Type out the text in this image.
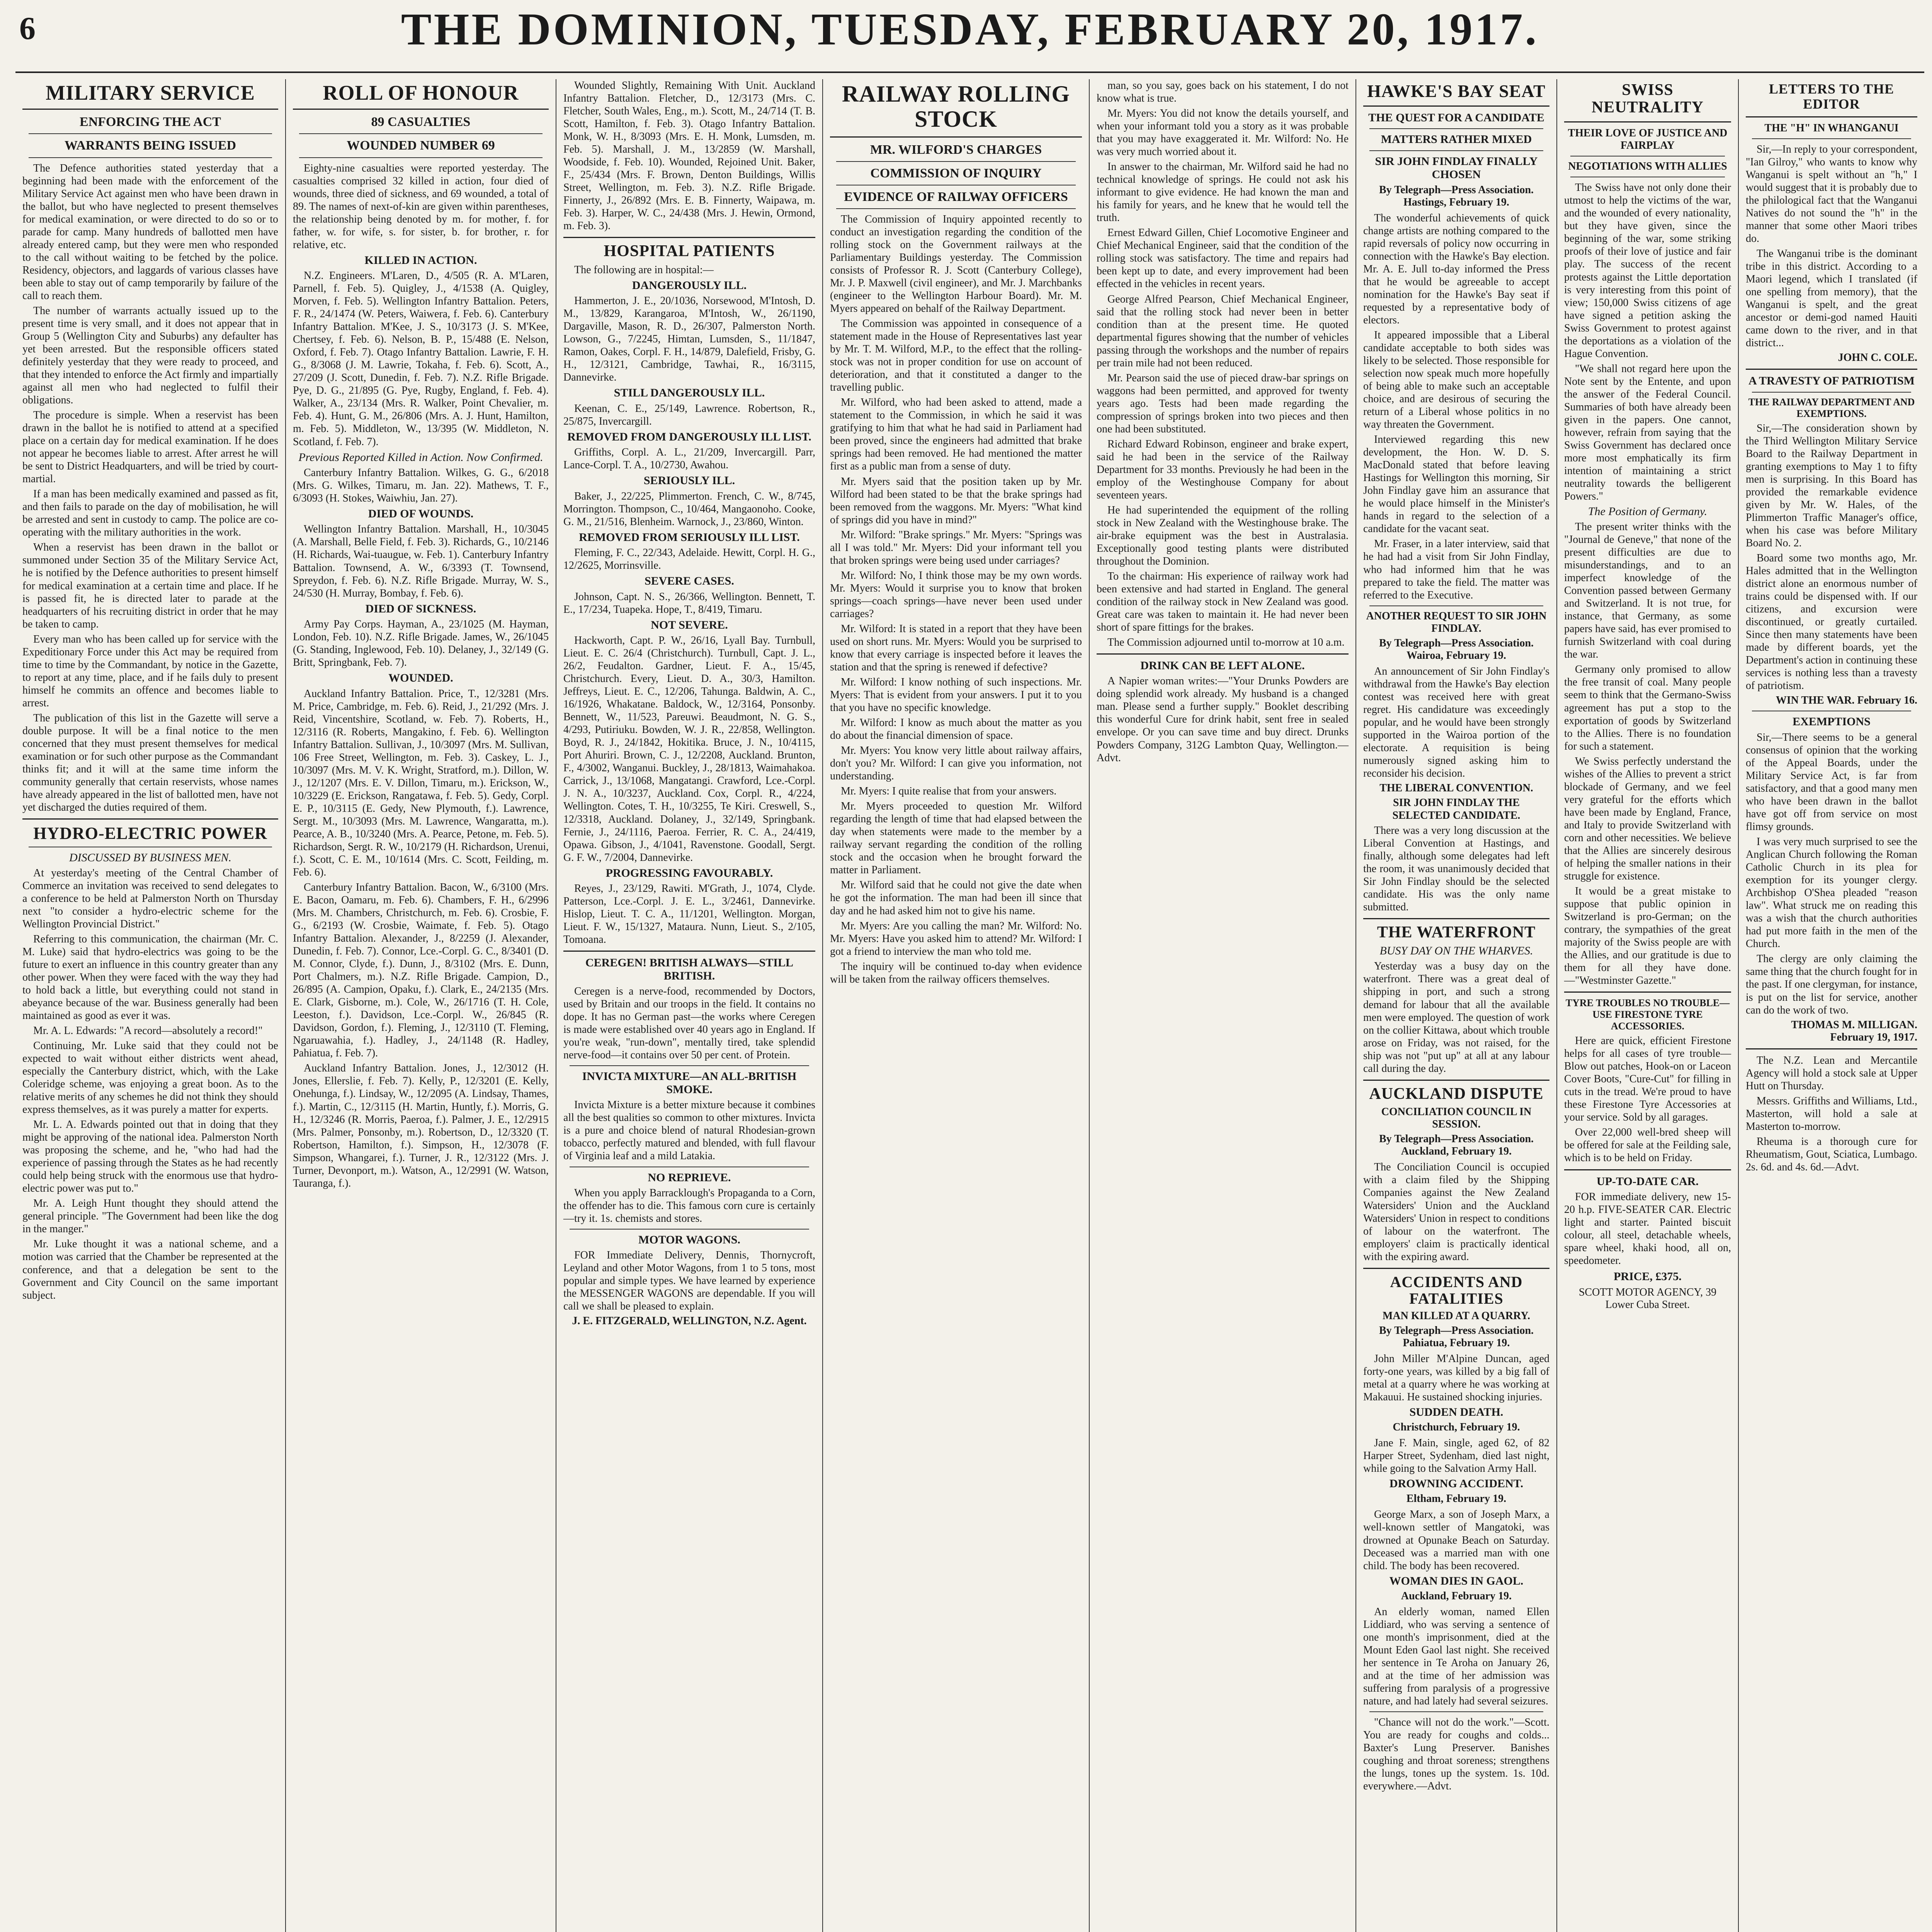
6	THE DOMINION, TUESDAY, FEBRUARY 20, 1917.
MILITARY SERVICE
ENFORCING THE ACT
WARRANTS BEING ISSUED

The Defence authorities stated yesterday that a beginning had been made with the enforcement of the Military Service Act against men who have been drawn in the ballot, but who have neglected to present themselves for medical examination, or were directed to do so or to parade for camp. Many hundreds of ballotted men have already entered camp, but they were men who responded to the call without waiting to be fetched by the police. Residency, objectors, and laggards of various classes have been able to stay out of camp temporarily by failure of the call to reach them.

The number of warrants actually issued up to the present time is very small, and it does not appear that in Group 5 (Wellington City and Suburbs) any defaulter has yet been arrested. But the responsible officers stated definitely yesterday that they were ready to proceed, and that they intended to enforce the Act firmly and impartially against all men who had neglected to fulfil their obligations.

The procedure is simple. When a reservist has been drawn in the ballot he is notified to attend at a specified place on a certain day for medical examination. If he does not appear he becomes liable to arrest. After arrest he will be sent to District Headquarters, and will be tried by court-martial.

If a man has been medically examined and passed as fit, and then fails to parade on the day of mobilisation, he will be arrested and sent in custody to camp. The police are co-operating with the military authorities in the work.

When a reservist has been drawn in the ballot or summoned under Section 35 of the Military Service Act, he is notified by the Defence authorities to present himself for medical examination at a certain time and place. If he is passed fit, he is directed later to parade at the headquarters of his recruiting district in order that he may be taken to camp.

Every man who has been called up for service with the Expeditionary Force under this Act may be required from time to time by the Commandant, by notice in the Gazette, to report at any time, place, and if he fails duly to present himself he commits an offence and becomes liable to arrest.

The publication of this list in the Gazette will serve a double purpose. It will be a final notice to the men concerned that they must present themselves for medical examination or for such other purpose as the Commandant thinks fit; and it will at the same time inform the community generally that certain reservists, whose names have already appeared in the list of ballotted men, have not yet discharged the duties required of them.

HYDRO-ELECTRIC POWER
DISCUSSED BY BUSINESS MEN.

At yesterday's meeting of the Central Chamber of Commerce an invitation was received to send delegates to a conference to be held at Palmerston North on Thursday next "to consider a hydro-electric scheme for the Wellington Provincial District."

Referring to this communication, the chairman (Mr. C. M. Luke) said that hydro-electrics was going to be the future to exert an influence in this country greater than any other power. When they were faced with the way they had to hold back a little, but everything could not stand in abeyance because of the war. Business generally had been maintained as good as ever it was.

Mr. A. L. Edwards: "A record—absolutely a record!"

Continuing, Mr. Luke said that they could not be expected to wait without either districts went ahead, especially the Canterbury district, which, with the Lake Coleridge scheme, was enjoying a great boon. As to the relative merits of any schemes he did not think they should express themselves, as it was purely a matter for experts.

Mr. L. A. Edwards pointed out that in doing that they might be approving of the national idea. Palmerston North was proposing the scheme, and he, "who had had the experience of passing through the States as he had recently could help being struck with the enormous use that hydro-electric power was put to."

Mr. A. Leigh Hunt thought they should attend the general principle. "The Government had been like the dog in the manger."

Mr. Luke thought it was a national scheme, and a motion was carried that the Chamber be represented at the conference, and that a delegation be sent to the Government and City Council on the same important subject.

ROLL OF HONOUR
89 CASUALTIES
WOUNDED NUMBER 69

Eighty-nine casualties were reported yesterday. The casualties comprised 32 killed in action, four died of wounds, three died of sickness, and 69 wounded, a total of 89. The names of next-of-kin are given within parentheses, the relationship being denoted by m. for mother, f. for father, w. for wife, s. for sister, b. for brother, r. for relative, etc.

KILLED IN ACTION.

N.Z. Engineers. M'Laren, D., 4/505 (R. A. M'Laren, Parnell, f. Feb. 5). Quigley, J., 4/1538 (A. Quigley, Morven, f. Feb. 5). Wellington Infantry Battalion. Peters, F. R., 24/1474 (W. Peters, Waiwera, f. Feb. 6). Canterbury Infantry Battalion. M'Kee, J. S., 10/3173 (J. S. M'Kee, Chertsey, f. Feb. 6). Nelson, B. P., 15/488 (E. Nelson, Oxford, f. Feb. 7). Otago Infantry Battalion. Lawrie, F. H. G., 8/3068 (J. M. Lawrie, Tokaha, f. Feb. 6). Scott, A., 27/209 (J. Scott, Dunedin, f. Feb. 7). N.Z. Rifle Brigade. Pye, D. G., 21/895 (G. Pye, Rugby, England, f. Feb. 4). Walker, A., 23/134 (Mrs. R. Walker, Point Chevalier, m. Feb. 4). Hunt, G. M., 26/806 (Mrs. A. J. Hunt, Hamilton, m. Feb. 5). Middleton, W., 13/395 (W. Middleton, N. Scotland, f. Feb. 7).

Previous Reported Killed in Action. Now Confirmed.

Canterbury Infantry Battalion. Wilkes, G. G., 6/2018 (Mrs. G. Wilkes, Timaru, m. Jan. 22). Mathews, T. F., 6/3093 (H. Stokes, Waiwhiu, Jan. 27).

DIED OF WOUNDS.

Wellington Infantry Battalion. Marshall, H., 10/3045 (A. Marshall, Belle Field, f. Feb. 3). Richards, G., 10/2146 (H. Richards, Wai-tuaugue, w. Feb. 1). Canterbury Infantry Battalion. Townsend, A. W., 6/3393 (T. Townsend, Spreydon, f. Feb. 6). N.Z. Rifle Brigade. Murray, W. S., 24/530 (H. Murray, Bombay, f. Feb. 6).

DIED OF SICKNESS.

Army Pay Corps. Hayman, A., 23/1025 (M. Hayman, London, Feb. 10). N.Z. Rifle Brigade. James, W., 26/1045 (G. Standing, Inglewood, Feb. 10). Delaney, J., 32/149 (G. Britt, Springbank, Feb. 7).

WOUNDED.

Auckland Infantry Battalion. Price, T., 12/3281 (Mrs. M. Price, Cambridge, m. Feb. 6). Reid, J., 21/292 (Mrs. J. Reid, Vincentshire, Scotland, w. Feb. 7). Roberts, H., 12/3116 (R. Roberts, Mangakino, f. Feb. 6). Wellington Infantry Battalion. Sullivan, J., 10/3097 (Mrs. M. Sullivan, 106 Free Street, Wellington, m. Feb. 3). Caskey, L. J., 10/3097 (Mrs. M. V. K. Wright, Stratford, m.). Dillon, W. J., 12/1207 (Mrs. E. V. Dillon, Timaru, m.). Erickson, W., 10/3229 (E. Erickson, Rangatawa, f. Feb. 5). Gedy, Corpl. E. P., 10/3115 (E. Gedy, New Plymouth, f.). Lawrence, Sergt. M., 10/3093 (Mrs. M. Lawrence, Wangaratta, m.). Pearce, A. B., 10/3240 (Mrs. A. Pearce, Petone, m. Feb. 5). Richardson, Sergt. R. W., 10/2179 (H. Richardson, Urenui, f.). Scott, C. E. M., 10/1614 (Mrs. C. Scott, Feilding, m. Feb. 6).

Canterbury Infantry Battalion. Bacon, W., 6/3100 (Mrs. E. Bacon, Oamaru, m. Feb. 6). Chambers, F. H., 6/2996 (Mrs. M. Chambers, Christchurch, m. Feb. 6). Crosbie, F. G., 6/2193 (W. Crosbie, Waimate, f. Feb. 5). Otago Infantry Battalion. Alexander, J., 8/2259 (J. Alexander, Dunedin, f. Feb. 7). Connor, Lce.-Corpl. G. C., 8/3401 (D. M. Connor, Clyde, f.). Dunn, J., 8/3102 (Mrs. E. Dunn, Port Chalmers, m.). N.Z. Rifle Brigade. Campion, D., 26/895 (A. Campion, Opaku, f.). Clark, E., 24/2135 (Mrs. E. Clark, Gisborne, m.). Cole, W., 26/1716 (T. H. Cole, Leeston, f.). Davidson, Lce.-Corpl. W., 26/845 (R. Davidson, Gordon, f.). Fleming, J., 12/3110 (T. Fleming, Ngaruawahia, f.). Hadley, J., 24/1148 (R. Hadley, Pahiatua, f. Feb. 7).

Auckland Infantry Battalion. Jones, J., 12/3012 (H. Jones, Ellerslie, f. Feb. 7). Kelly, P., 12/3201 (E. Kelly, Onehunga, f.). Lindsay, W., 12/2095 (A. Lindsay, Thames, f.). Martin, C., 12/3115 (H. Martin, Huntly, f.). Morris, G. H., 12/3246 (R. Morris, Paeroa, f.). Palmer, J. E., 12/2915 (Mrs. Palmer, Ponsonby, m.). Robertson, D., 12/3320 (T. Robertson, Hamilton, f.). Simpson, H., 12/3078 (F. Simpson, Whangarei, f.). Turner, J. R., 12/3122 (Mrs. J. Turner, Devonport, m.). Watson, A., 12/2991 (W. Watson, Tauranga, f.).

Wounded Slightly, Remaining With Unit. Auckland Infantry Battalion. Fletcher, D., 12/3173 (Mrs. C. Fletcher, South Wales, Eng., m.). Scott, M., 24/714 (T. B. Scott, Hamilton, f. Feb. 3). Otago Infantry Battalion. Monk, W. H., 8/3093 (Mrs. E. H. Monk, Lumsden, m. Feb. 5). Marshall, J. M., 13/2859 (W. Marshall, Woodside, f. Feb. 10). Wounded, Rejoined Unit. Baker, F., 25/434 (Mrs. F. Brown, Denton Buildings, Willis Street, Wellington, m. Feb. 3). N.Z. Rifle Brigade. Finnerty, J., 26/892 (Mrs. E. B. Finnerty, Waipawa, m. Feb. 3). Harper, W. C., 24/438 (Mrs. J. Hewin, Ormond, m. Feb. 3).

HOSPITAL PATIENTS

The following are in hospital:—

DANGEROUSLY ILL.

Hammerton, J. E., 20/1036, Norsewood, M'Intosh, D. M., 13/829, Karangaroa, M'Intosh, W., 26/1190, Dargaville, Mason, R. D., 26/307, Palmerston North. Lowson, G., 7/2245, Himtan, Lumsden, S., 11/1847, Ramon, Oakes, Corpl. F. H., 14/879, Dalefield, Frisby, G. H., 12/3121, Cambridge, Tawhai, R., 16/3115, Dannevirke.

STILL DANGEROUSLY ILL.

Keenan, C. E., 25/149, Lawrence. Robertson, R., 25/875, Invercargill.

REMOVED FROM DANGEROUSLY ILL LIST.

Griffiths, Corpl. A. L., 21/209, Invercargill. Parr, Lance-Corpl. T. A., 10/2730, Awahou.

SERIOUSLY ILL.

Baker, J., 22/225, Plimmerton. French, C. W., 8/745, Morrington. Thompson, C., 10/464, Mangaonoho. Cooke, G. M., 21/516, Blenheim. Warnock, J., 23/860, Winton.

REMOVED FROM SERIOUSLY ILL LIST.

Fleming, F. C., 22/343, Adelaide. Hewitt, Corpl. H. G., 12/2625, Morrinsville.

SEVERE CASES.

Johnson, Capt. N. S., 26/366, Wellington. Bennett, T. E., 17/234, Tuapeka. Hope, T., 8/419, Timaru.

NOT SEVERE.

Hackworth, Capt. P. W., 26/16, Lyall Bay. Turnbull, Lieut. E. C. 26/4 (Christchurch). Turnbull, Capt. J. L., 26/2, Feudalton. Gardner, Lieut. F. A., 15/45, Christchurch. Every, Lieut. D. A., 30/3, Hamilton. Jeffreys, Lieut. E. C., 12/206, Tahunga. Baldwin, A. C., 16/1926, Whakatane. Baldock, W., 12/3164, Ponsonby. Bennett, W., 11/523, Pareuwi. Beaudmont, N. G. S., 4/293, Putiriuku. Bowden, W. J. R., 22/858, Wellington. Boyd, R. J., 24/1842, Hokitika. Bruce, J. N., 10/4115, Port Ahuriri. Brown, C. J., 12/2208, Auckland. Brunton, F., 4/3002, Wanganui. Buckley, J., 28/1813, Waimahakoa. Carrick, J., 13/1068, Mangatangi. Crawford, Lce.-Corpl. J. N. A., 10/3237, Auckland. Cox, Corpl. R., 4/224, Wellington. Cotes, T. H., 10/3255, Te Kiri. Creswell, S., 12/3318, Auckland. Dolaney, J., 32/149, Springbank. Fernie, J., 24/1116, Paeroa. Ferrier, R. C. A., 24/419, Opawa. Gibson, J., 4/1041, Ravenstone. Goodall, Sergt. G. F. W., 7/2004, Dannevirke.

PROGRESSING FAVOURABLY.

Reyes, J., 23/129, Rawiti. M'Grath, J., 1074, Clyde. Patterson, Lce.-Corpl. J. E. L., 3/2461, Dannevirke. Hislop, Lieut. T. C. A., 11/1201, Wellington. Morgan, Lieut. F. W., 15/1327, Mataura. Nunn, Lieut. S., 2/105, Tomoana.

CEREGEN! BRITISH ALWAYS—STILL BRITISH.

Ceregen is a nerve-food, recommended by Doctors, used by Britain and our troops in the field. It contains no dope. It has no German past—the works where Ceregen is made were established over 40 years ago in England. If you're weak, "run-down", mentally tired, take splendid nerve-food—it contains over 50 per cent. of Protein.

INVICTA MIXTURE—AN ALL-BRITISH SMOKE.

Invicta Mixture is a better mixture because it combines all the best qualities so common to other mixtures. Invicta is a pure and choice blend of natural Rhodesian-grown tobacco, perfectly matured and blended, with full flavour of Virginia leaf and a mild Latakia.

NO REPRIEVE.

When you apply Barracklough's Propaganda to a Corn, the offender has to die. This famous corn cure is certainly—try it. 1s. chemists and stores.

MOTOR WAGONS.

FOR Immediate Delivery, Dennis, Thornycroft, Leyland and other Motor Wagons, from 1 to 5 tons, most popular and simple types. We have learned by experience the MESSENGER WAGONS are dependable. If you will call we shall be pleased to explain.

J. E. FITZGERALD, WELLINGTON, N.Z. Agent.
RAILWAY ROLLING STOCK
MR. WILFORD'S CHARGES
COMMISSION OF INQUIRY
EVIDENCE OF RAILWAY OFFICERS

The Commission of Inquiry appointed recently to conduct an investigation regarding the condition of the rolling stock on the Government railways at the Parliamentary Buildings yesterday. The Commission consists of Professor R. J. Scott (Canterbury College), Mr. J. P. Maxwell (civil engineer), and Mr. J. Marchbanks (engineer to the Wellington Harbour Board). Mr. M. Myers appeared on behalf of the Railway Department.

The Commission was appointed in consequence of a statement made in the House of Representatives last year by Mr. T. M. Wilford, M.P., to the effect that the rolling-stock was not in proper condition for use on account of deterioration, and that it constituted a danger to the travelling public.

Mr. Wilford, who had been asked to attend, made a statement to the Commission, in which he said it was gratifying to him that what he had said in Parliament had been proved, since the engineers had admitted that brake springs had been removed. He had mentioned the matter first as a public man from a sense of duty.

Mr. Myers said that the position taken up by Mr. Wilford had been stated to be that the brake springs had been removed from the waggons. Mr. Myers: "What kind of springs did you have in mind?"

Mr. Wilford: "Brake springs." Mr. Myers: "Springs was all I was told." Mr. Myers: Did your informant tell you that broken springs were being used under carriages?

Mr. Wilford: No, I think those may be my own words. Mr. Myers: Would it surprise you to know that broken springs—coach springs—have never been used under carriages?

Mr. Wilford: It is stated in a report that they have been used on short runs. Mr. Myers: Would you be surprised to know that every carriage is inspected before it leaves the station and that the spring is renewed if defective?

Mr. Wilford: I know nothing of such inspections. Mr. Myers: That is evident from your answers. I put it to you that you have no specific knowledge.

Mr. Wilford: I know as much about the matter as you do about the financial dimension of space.

Mr. Myers: You know very little about railway affairs, don't you? Mr. Wilford: I can give you information, not understanding.

Mr. Myers: I quite realise that from your answers.

Mr. Myers proceeded to question Mr. Wilford regarding the length of time that had elapsed between the day when statements were made to the member by a railway servant regarding the condition of the rolling stock and the occasion when he brought forward the matter in Parliament.

Mr. Wilford said that he could not give the date when he got the information. The man had been ill since that day and he had asked him not to give his name.

Mr. Myers: Are you calling the man? Mr. Wilford: No. Mr. Myers: Have you asked him to attend? Mr. Wilford: I got a friend to interview the man who told me.

The inquiry will be continued to-day when evidence will be taken from the railway officers themselves.

man, so you say, goes back on his statement, I do not know what is true.

Mr. Myers: You did not know the details yourself, and when your informant told you a story as it was probable that you may have exaggerated it. Mr. Wilford: No. He was very much worried about it.

In answer to the chairman, Mr. Wilford said he had no technical knowledge of springs. He could not ask his informant to give evidence. He had known the man and his family for years, and he knew that he would tell the truth.

Ernest Edward Gillen, Chief Locomotive Engineer and Chief Mechanical Engineer, said that the condition of the rolling stock was satisfactory. The time and repairs had been kept up to date, and every improvement had been effected in the vehicles in recent years.

George Alfred Pearson, Chief Mechanical Engineer, said that the rolling stock had never been in better condition than at the present time. He quoted departmental figures showing that the number of vehicles passing through the workshops and the number of repairs per train mile had not been reduced.

Mr. Pearson said the use of pieced draw-bar springs on waggons had been permitted, and approved for twenty years ago. Tests had been made regarding the compression of springs broken into two pieces and then one had been substituted.

Richard Edward Robinson, engineer and brake expert, said he had been in the service of the Railway Department for 33 months. Previously he had been in the employ of the Westinghouse Company for about seventeen years.

He had superintended the equipment of the rolling stock in New Zealand with the Westinghouse brake. The air-brake equipment was the best in Australasia. Exceptionally good testing plants were distributed throughout the Dominion.

To the chairman: His experience of railway work had been extensive and had started in England. The general condition of the railway stock in New Zealand was good. Great care was taken to maintain it. He had never been short of spare fittings for the brakes.

The Commission adjourned until to-morrow at 10 a.m.

DRINK CAN BE LEFT ALONE.

A Napier woman writes:—"Your Drunks Powders are doing splendid work already. My husband is a changed man. Please send a further supply." Booklet describing this wonderful Cure for drink habit, sent free in sealed envelope. Or you can save time and buy direct. Drunks Powders Company, 312G Lambton Quay, Wellington.—Advt.

HAWKE'S BAY SEAT
THE QUEST FOR A CANDIDATE
MATTERS RATHER MIXED
SIR JOHN FINDLAY FINALLY CHOSEN
By Telegraph—Press Association. Hastings, February 19.

The wonderful achievements of quick change artists are nothing compared to the rapid reversals of policy now occurring in connection with the Hawke's Bay election. Mr. A. E. Jull to-day informed the Press that he would be agreeable to accept nomination for the Hawke's Bay seat if requested by a representative body of electors.

It appeared impossible that a Liberal candidate acceptable to both sides was likely to be selected. Those responsible for selection now speak much more hopefully of being able to make such an acceptable choice, and are desirous of securing the return of a Liberal whose politics in no way threaten the Government.

Interviewed regarding this new development, the Hon. W. D. S. MacDonald stated that before leaving Hastings for Wellington this morning, Sir John Findlay gave him an assurance that he would place himself in the Minister's hands in regard to the selection of a candidate for the vacant seat.

Mr. Fraser, in a later interview, said that he had had a visit from Sir John Findlay, who had informed him that he was prepared to take the field. The matter was referred to the Executive.

ANOTHER REQUEST TO SIR JOHN FINDLAY.
By Telegraph—Press Association. Wairoa, February 19.

An announcement of Sir John Findlay's withdrawal from the Hawke's Bay election contest was received here with great regret. His candidature was exceedingly popular, and he would have been strongly supported in the Wairoa portion of the electorate. A requisition is being numerously signed asking him to reconsider his decision.

THE LIBERAL CONVENTION.
SIR JOHN FINDLAY THE SELECTED CANDIDATE.

There was a very long discussion at the Liberal Convention at Hastings, and finally, although some delegates had left the room, it was unanimously decided that Sir John Findlay should be the selected candidate. His was the only name submitted.

THE WATERFRONT
BUSY DAY ON THE WHARVES.

Yesterday was a busy day on the waterfront. There was a great deal of shipping in port, and such a strong demand for labour that all the available men were employed. The question of work on the collier Kittawa, about which trouble arose on Friday, was not raised, for the ship was not "put up" at all at any labour call during the day.

AUCKLAND DISPUTE
CONCILIATION COUNCIL IN SESSION.
By Telegraph—Press Association. Auckland, February 19.

The Conciliation Council is occupied with a claim filed by the Shipping Companies against the New Zealand Watersiders' Union and the Auckland Watersiders' Union in respect to conditions of labour on the waterfront. The employers' claim is practically identical with the expiring award.

ACCIDENTS AND FATALITIES
MAN KILLED AT A QUARRY.
By Telegraph—Press Association. Pahiatua, February 19.

John Miller M'Alpine Duncan, aged forty-one years, was killed by a big fall of metal at a quarry where he was working at Makauui. He sustained shocking injuries.

SUDDEN DEATH.
Christchurch, February 19.

Jane F. Main, single, aged 62, of 82 Harper Street, Sydenham, died last night, while going to the Salvation Army Hall.

DROWNING ACCIDENT.
Eltham, February 19.

George Marx, a son of Joseph Marx, a well-known settler of Mangatoki, was drowned at Opunake Beach on Saturday. Deceased was a married man with one child. The body has been recovered.

WOMAN DIES IN GAOL.
Auckland, February 19.

An elderly woman, named Ellen Liddiard, who was serving a sentence of one month's imprisonment, died at the Mount Eden Gaol last night. She received her sentence in Te Aroha on January 26, and at the time of her admission was suffering from paralysis of a progressive nature, and had lately had several seizures.

"Chance will not do the work."—Scott. You are ready for coughs and colds... Baxter's Lung Preserver. Banishes coughing and throat soreness; strengthens the lungs, tones up the system. 1s. 10d. everywhere.—Advt.

SWISS NEUTRALITY
THEIR LOVE OF JUSTICE AND FAIRPLAY
NEGOTIATIONS WITH ALLIES

The Swiss have not only done their utmost to help the victims of the war, and the wounded of every nationality, but they have given, since the beginning of the war, some striking proofs of their love of justice and fair play. The success of the recent protests against the Little deportation is very interesting from this point of view; 150,000 Swiss citizens of age have signed a petition asking the Swiss Government to protest against the deportations as a violation of the Hague Convention.

"We shall not regard here upon the Note sent by the Entente, and upon the answer of the Federal Council. Summaries of both have already been given in the papers. One cannot, however, refrain from saying that the Swiss Government has declared once more most emphatically its firm intention of maintaining a strict neutrality towards the belligerent Powers."

The Position of Germany.

The present writer thinks with the "Journal de Geneve," that none of the present difficulties are due to misunderstandings, and to an imperfect knowledge of the Convention passed between Germany and Switzerland. It is not true, for instance, that Germany, as some papers have said, has ever promised to furnish Switzerland with coal during the war.

Germany only promised to allow the free transit of coal. Many people seem to think that the Germano-Swiss agreement has put a stop to the exportation of goods by Switzerland to the Allies. There is no foundation for such a statement.

We Swiss perfectly understand the wishes of the Allies to prevent a strict blockade of Germany, and we feel very grateful for the efforts which have been made by England, France, and Italy to provide Switzerland with corn and other necessities. We believe that the Allies are sincerely desirous of helping the smaller nations in their struggle for existence.

It would be a great mistake to suppose that public opinion in Switzerland is pro-German; on the contrary, the sympathies of the great majority of the Swiss people are with the Allies, and our gratitude is due to them for all they have done.—"Westminster Gazette."

TYRE TROUBLES NO TROUBLE—USE FIRESTONE TYRE ACCESSORIES.

Here are quick, efficient Firestone helps for all cases of tyre trouble—Blow out patches, Hook-on or Laceon Cover Boots, "Cure-Cut" for filling in cuts in the tread. We're proud to have these Firestone Tyre Accessories at your service. Sold by all garages.

Over 22,000 well-bred sheep will be offered for sale at the Feilding sale, which is to be held on Friday.

UP-TO-DATE CAR.

FOR immediate delivery, new 15-20 h.p. FIVE-SEATER CAR. Electric light and starter. Painted biscuit colour, all steel, detachable wheels, spare wheel, khaki hood, all on, speedometer.

PRICE, £375.
SCOTT MOTOR AGENCY, 39 Lower Cuba Street.
LETTERS TO THE EDITOR
THE "H" IN WHANGANUI

Sir,—In reply to your correspondent, "Ian Gilroy," who wants to know why Wanganui is spelt without an "h," I would suggest that it is probably due to the philological fact that the Wanganui Natives do not sound the "h" in the manner that some other Maori tribes do.

The Wanganui tribe is the dominant tribe in this district. According to a Maori legend, which I translated (if one spelling from memory), that the Wanganui is spelt, and the great ancestor or demi-god named Hauiti came down to the river, and in that district...

JOHN C. COLE.
A TRAVESTY OF PATRIOTISM
THE RAILWAY DEPARTMENT AND EXEMPTIONS.

Sir,—The consideration shown by the Third Wellington Military Service Board to the Railway Department in granting exemptions to May 1 to fifty men is surprising. In this Board has provided the remarkable evidence given by Mr. W. Hales, of the Plimmerton Traffic Manager's office, when his case was before Military Board No. 2.

Board some two months ago, Mr. Hales admitted that in the Wellington district alone an enormous number of trains could be dispensed with. If our citizens, and excursion were discontinued, or greatly curtailed. Since then many statements have been made by different boards, yet the Department's action in continuing these services is nothing less than a travesty of patriotism.

WIN THE WAR. February 16.
EXEMPTIONS

Sir,—There seems to be a general consensus of opinion that the working of the Appeal Boards, under the Military Service Act, is far from satisfactory, and that a good many men who have been drawn in the ballot have got off from service on most flimsy grounds.

I was very much surprised to see the Anglican Church following the Roman Catholic Church in its plea for exemption for its younger clergy. Archbishop O'Shea pleaded "reason law". What struck me on reading this was a wish that the church authorities had put more faith in the men of the Church.

The clergy are only claiming the same thing that the church fought for in the past. If one clergyman, for instance, is put on the list for service, another can do the work of two.

THOMAS M. MILLIGAN. February 19, 1917.

The N.Z. Lean and Mercantile Agency will hold a stock sale at Upper Hutt on Thursday.

Messrs. Griffiths and Williams, Ltd., Masterton, will hold a sale at Masterton to-morrow.

Rheuma is a thorough cure for Rheumatism, Gout, Sciatica, Lumbago. 2s. 6d. and 4s. 6d.—Advt.
